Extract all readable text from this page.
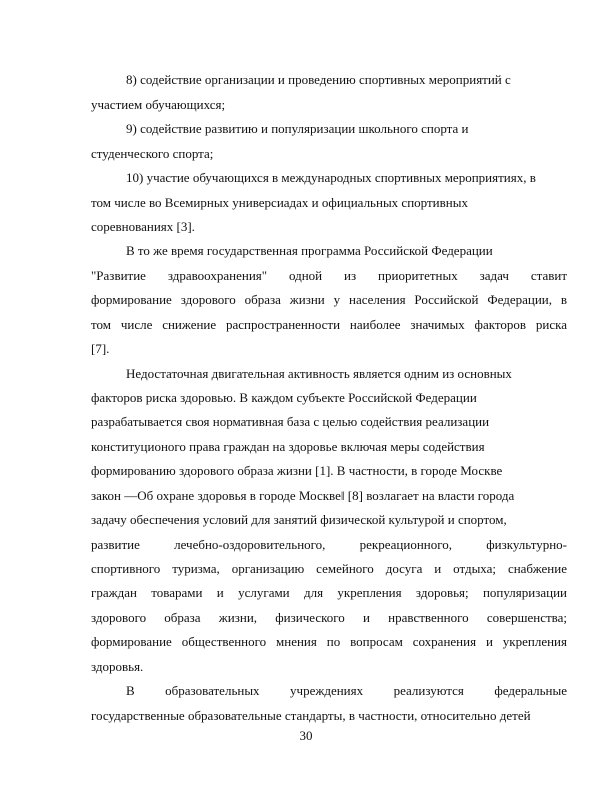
8) содействие организации и проведению спортивных мероприятий с
участием обучающихся;
9) содействие развитию и популяризации школьного спорта и
студенческого спорта;
10) участие обучающихся в международных спортивных мероприятиях, в
том числе во Всемирных универсиадах и официальных спортивных
соревнованиях [3].
В то же время государственная программа Российской Федерации
"Развитие здравоохранения" одной из приоритетных задач ставит
формирование здорового образа жизни у населения Российской Федерации, в
том числе снижение распространенности наиболее значимых факторов риска
[7].
Недостаточная двигательная активность является одним из основных
факторов риска здоровью. В каждом субъекте Российской Федерации
разрабатывается своя нормативная база с целью содействия реализации
конституционого права граждан на здоровье включая меры содействия
формированию здорового образа жизни [1]. В частности, в городе Москве
закон ―Об охране здоровья в городе Москве‖ [8] возлагает на власти города
задачу обеспечения условий для занятий физической культурой и спортом,
развитие лечебно-оздоровительного, рекреационного, физкультурно-
спортивного туризма, организацию семейного досуга и отдыха; снабжение
граждан товарами и услугами для укрепления здоровья; популяризации
здорового образа жизни, физического и нравственного совершенства;
формирование общественного мнения по вопросам сохранения и укрепления
здоровья.
В образовательных учреждениях реализуются федеральные
государственные образовательные стандарты, в частности, относительно детей
30
